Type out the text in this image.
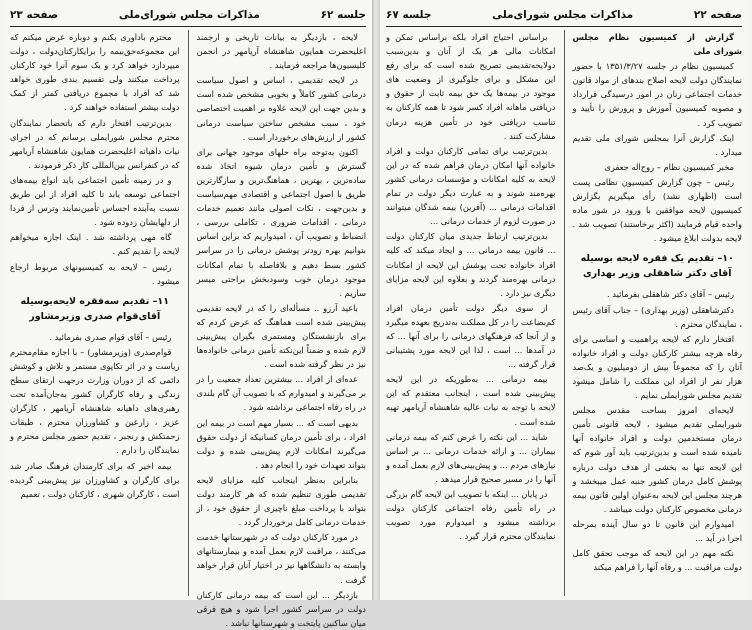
جلسه ۶۲
مذاکرات مجلس شورای‌ملی
صفحه ۲۳

لایحه ، بازدیگر به بیانات تاریخی و ارجمند اعلیحضرت همایون شاهنشاه آریامهر در انجمن کلیسیون‌ها مراجعه فرمایند .

در لایحه تقدیمی ، اساس و اصول سیاست درمانی کشور کاملاً و بخوبی مشخص شده است و بدین جهت این لایحه علاوه بر اهمیت اختصاصی خود ، سبب مشخص ساختن سیاست درمانی کشور از ارزش‌های برخوردار است .

اکنون به‌توجه براه حلهای موجود جهانی برای گسترش و تأمین درمان شیوه اتخاذ شده ساده‌ترین ، بهترین ، هماهنگ‌ترین و سازگارترین طریق با اصول اجتماعی و اقتصادی مهم‌سیاست و بدین‌جهت ، نکات اصولی مانند تعمیم خدمات درمانی ، اقدامات ضروری ، تکاملی بررسی ، انضباط و تصویب آن ، امیدواریم که براین اساس بتوانیم بهره زودتر پوشش درمانی را در سراسر کشور بسط دهیم و بلافاصله با تمام امکانات موجود درمان خوب وسودبخش براحتی میسر سازیم .

باعید آرزو .. مسأله‌ای را که در لایحه تقدیمی پیش‌بینی شده است هماهنگ که عرض کردم که برای بازنشستگان ومستمری بگیران پیش‌بینی لازم شده و ضمناً این‌نکته تأمین درمانی خانواده‌ها نیز در نظر گرفته شده است .

عده‌ای از افراد ... بیشترین تعداد جمعیت را در بر می‌گیرند و امیدوارم که با تصویب آن گام بلندی در راه رفاه اجتماعی برداشته شود .

بدیهی است که ... بسیار مهم است در بیمه این افراد ، برای تأمین درمان کسانیکه از دولت حقوق می‌گیرند امکانات لازم پیش‌بینی شده و دولت بتواند تعهدات خود را انجام دهد .

بنابراین به‌نظر اینجانب کلیه مزایای لایحه تقدیمی طوری تنظیم شده که هر کارمند دولت بتواند با پرداخت مبلغ ناچیزی از حقوق خود ، از خدمات درمانی کامل برخوردار گردد .

در مورد کارکنان دولت که در شهرستانها خدمت می‌کنند ، مراقبت لازم بعمل آمده و بیمارستانهای وابسته به دانشگاهها نیز در اختیار آنان قرار خواهد گرفت .

بازدیگر ... این است که بیمه درمانی کارکنان دولت در سراسر کشور اجرا شود و هیچ فرقی میان ساکنین پایتخت و شهرستانها نباشد .

محترم باداوری بکنم و دوباره عرض میکنم که این مجموعه‌حق‌بیمه را برایکارکنان‌دولت ، دولت میپردازد خواهد کرد و یک سوم آنرا خود کارکنان پرداخت میکنند ولی تقسیم بندی طوری خواهد شد که افراد با مجموع دریافتی کمتر از کمک دولت بیشتر استفاده خواهند کرد .

بدین‌ترتیب افتخار دارم که باتحضار نمایندگان محترم مجلس شورایملی برسانم که در اجرای نیات داهیانه اعلیحضرت همایون شاهنشاه آریامهر که در کنفرانس بین‌المللی کار ذکر فرمودند .

و در زمینه تأمین اجتماعی باید انواع بیمه‌های اجتماعی توسعه یابد تا کلیه افراد از این طریق نسبت به‌آینده احساس تأمین‌نمایند وترس از فردا از دلهایشان زدوده شود .

گاه مهی پرداشته شد . اینک اجازه میخواهم لایحه را تقدیم کنم .

رئیس – لایحه به کمیسیونهای مربوط ارجاع میشود .

۱۱– تقدیم سه‌فقره لایحه‌بوسیله آقای‌قوام صدری وزیرمشاور

رئیس – آقای قوام صدری بفرمائید .

قوام‌صدری (وزیرمشاور) – با اجازه مقام‌محترم ریاست و در اثر تکاپوی مستمر و تلاش و کوشش دائمی که از دوران وزارت درجهت ارتقای سطح زندگی و رفاه کارگران کشور به‌جان‌آمده تحت رهبری‌های داهیانه شاهنشاه آریامهر ، کارگران عزیز ، زارعین و کشاورزان محترم ، طبقات زحمتکش و رنجبر ، تقدیم حضور مجلس محترم و نمایندگان را دارم .

بیمه اخیر که برای کارمندان فرهنگ صادر شد برای کارگران و کشاورزان نیز پیش‌بینی گردیده است ، کارگران شهری ، کارکنان دولت ، تعمیم

صفحه ۲۲
مذاکرات مجلس شورای‌ملی
جلسه ۶۷

گزارش از کمیسیون نظام مجلس شورای ملی

کمیسیون نظام در جلسه ۱۳۵۱/۳/۲۷ با حضور نمایندگان دولت لایحه اصلاح بندهای از مواد قانون خدمات اجتماعی زنان در امور درسیدگی قرارداد و مصوبه کمیسیون آموزش و پرورش را تأیید و تصویب کرد .

اینک گزارش آنرا بمجلس شورای ملی تقدیم میدارد .

مخبر کمیسیون نظام – روح‌اله جعفری

رئیس – چون گزارش کمیسیون نظامی پست است (اظهاری نشد) رأی میگیریم بگزارش کمیسیون لایحه موافقین با ورود در شور ماده واحده قیام فرمایند (اکثر برخاستند) تصویب شد . لایحه بدولت ابلاغ میشود .

۱۰– تقدیم یک فقره لایحه بوسیله آقای دکتر شاهقلی وزیر بهداری

رئیس – آقای دکتر شاهقلی بفرمائید .

دکترشاهقلی (وزیر بهداری) – جناب آقای رئیس ، نمایندگان محترم .

افتخار دارم که لایحه پراهمیت و اساسی برای رفاه هرچه بیشتر کارکنان دولت و افراد خانواده آنان را که مجموعاً بیش از دومیلیون و یک‌صد هزار نفر از افراد این مملکت را شامل میشود تقدیم مجلس شورایملی نمایم .

لایحه‌ای امروز بساحت مقدس مجلس شورایملی تقدیم میشود ، لایحه قانونی تأمین درمان مستخدمین دولت و افراد خانواده آنها نامیده شده است و بدین‌ترتیب باید آور شوم که این لایحه تنها به بخشی از هدف دولت درباره پوشش کامل درمان کشور جنبه عمل میبخشد و هرچند مجلس این لایحه به‌عنوان اولین قانون بیمه درمانی مخصوص کارکنان دولت میباشد .

امیدوارم این قانون تا دو سال آینده بمرحله اجرا در آید ...

نکته مهم در این لایحه که موجب تحقق کامل دولت مراقبت ... و رفاه آنها را فراهم میکند

براساس احتیاج افراد بلکه براساس تمکن و امکانات مالی هر یک از آنان و بدین‌سبب‌ دولایحه‌تقدیمی تصریح شده است که برای رفع این مشکل و برای جلوگیری از وضعیت های موجود در بیمه‌ها یک حق بیمه ثابت از حقوق و دریافتی ماهانه افراد کسر شود تا همه کارکنان به تناسب دریافتی خود در تأمین هزینه درمان مشارکت کنند .

بدین‌ترتیب برای تمامی کارکنان دولت و افراد خانواده آنها امکان درمان فراهم شده که در این لایحه به‌‌ کلیه امکانات و مؤسسات درمانی کشور بهره‌مند شوند و به عبارت دیگر دولت در تمام اقدامات درمانی ... (آفرین) بیمه شدگان میتوانند در صورت لزوم از خدمات درمانی ...

بدین‌ترتیب ارتباط جدیدی میان کارکنان دولت ... قانون بیمه درمانی ... و ایجاد میکند که کلیه افراد خانواده تحت پوشش این لایحه از امکانات درمانی بهره‌مند گردند و بعلاوه این لایحه مزایای دیگری نیز دارد .

از سوی دیگر دولت تأمین درمان افراد کم‌بضاعت را در کل مملکت به‌تدریج بعهده میگیرد و از آنجا که فرهنگهای درمانی را برای آنها ... که در آمدها ... است ، لذا این لایحه مورد پشتیبانی قرار گرفته ...

بیمه درمانی ... به‌طوریکه در این لایحه پیش‌بینی شده است ، اینجانب معتقدم که این لایحه با توجه به نیات عالیه شاهنشاه آریامهر تهیه شده است .

شاید ... این نکته را عرض کنم که بیمه درمانی بیماران ... و ارائه خدمات درمانی ... بر اساس نیازهای مردم ... و پیش‌بینی‌های لازم بعمل آمده و آنها را در مسیر صحیح قرار میدهد .

در پایان ... اینکه با تصویب این لایحه گام بزرگی در راه تأمین رفاه اجتماعی کارکنان دولت برداشته میشود و امیدوارم مورد تصویب نمایندگان محترم قرار گیرد .
